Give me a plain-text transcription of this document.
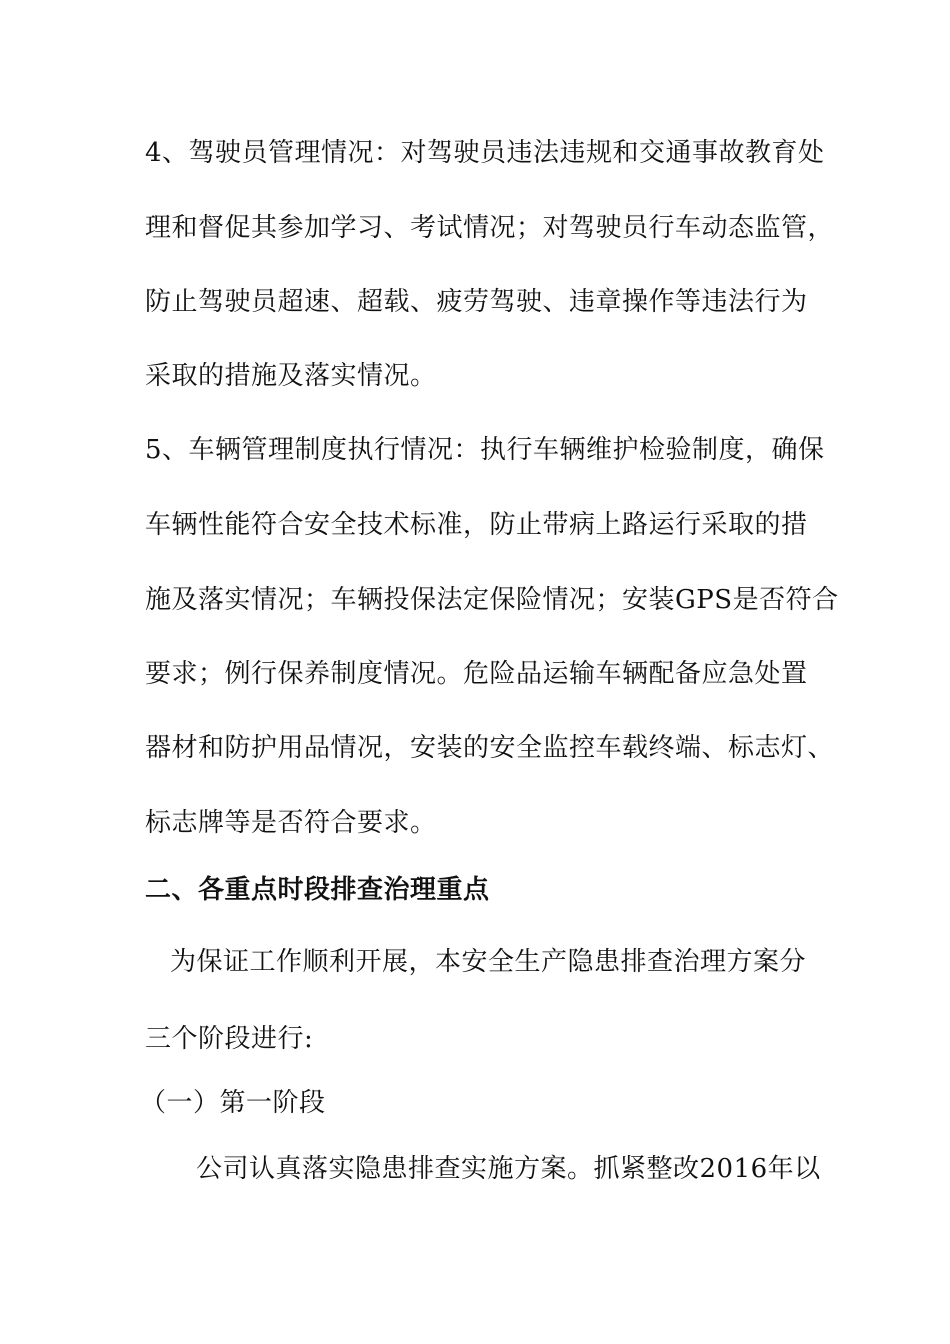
4、驾驶员管理情况：对驾驶员违法违规和交通事故教育处
理和督促其参加学习、考试情况；对驾驶员行车动态监管，
防止驾驶员超速、超载、疲劳驾驶、违章操作等违法行为
采取的措施及落实情况。
5、车辆管理制度执行情况：执行车辆维护检验制度，确保
车辆性能符合安全技术标准，防止带病上路运行采取的措
施及落实情况；车辆投保法定保险情况；安装GPS是否符合
要求；例行保养制度情况。危险品运输车辆配备应急处置
器材和防护用品情况，安装的安全监控车载终端、标志灯、
标志牌等是否符合要求。
二、各重点时段排查治理重点
为保证工作顺利开展，本安全生产隐患排查治理方案分
三个阶段进行:
（一）第一阶段
公司认真落实隐患排查实施方案。抓紧整改2016年以
